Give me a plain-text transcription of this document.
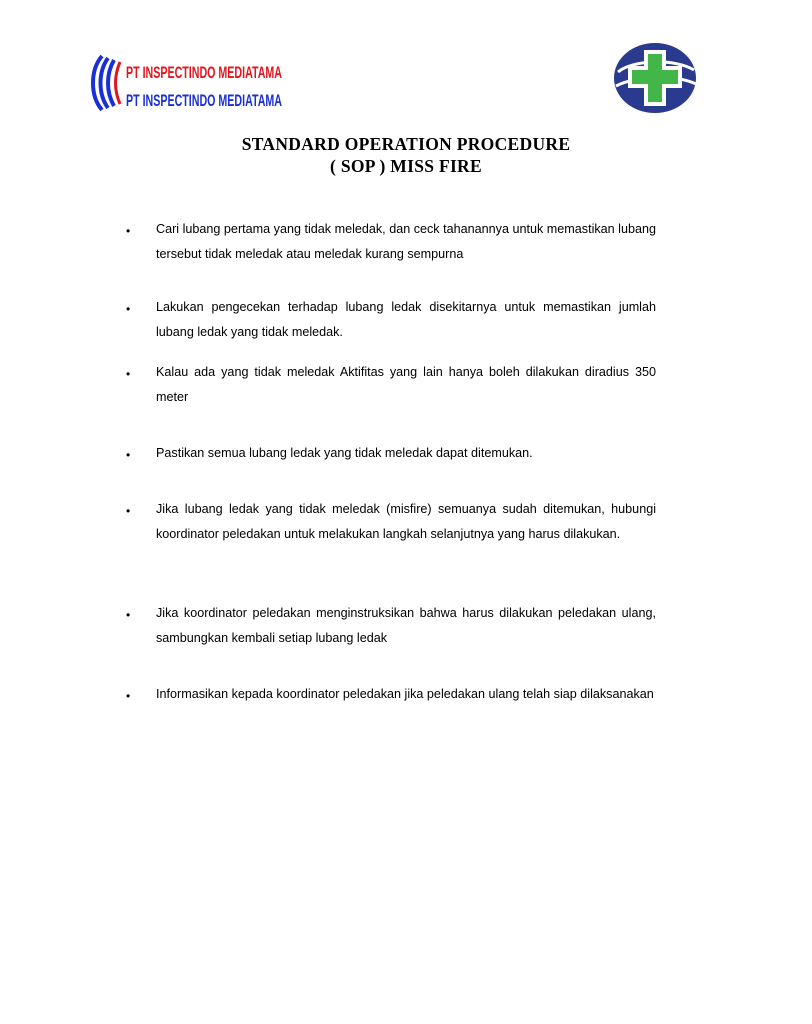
PT INSPECTINDO MEDIATAMA
PT INSPECTINDO MEDIATAMA
STANDARD OPERATION PROCEDURE
( SOP ) MISS FIRE
• Cari lubang pertama yang tidak meledak, dan ceck tahanannya untuk memastikan lubang tersebut tidak meledak atau meledak kurang sempurna
• Lakukan pengecekan terhadap lubang ledak disekitarnya untuk memastikan jumlah lubang ledak yang tidak meledak.
• Kalau ada yang tidak meledak Aktifitas yang lain hanya boleh dilakukan diradius 350 meter
• Pastikan semua lubang ledak yang tidak meledak dapat ditemukan.
• Jika lubang ledak yang tidak meledak (misfire) semuanya sudah ditemukan, hubungi koordinator peledakan untuk melakukan langkah selanjutnya yang harus dilakukan.
• Jika koordinator peledakan menginstruksikan bahwa harus dilakukan peledakan ulang, sambungkan kembali setiap lubang ledak
• Informasikan kepada koordinator peledakan jika peledakan ulang telah siap dilaksanakan
